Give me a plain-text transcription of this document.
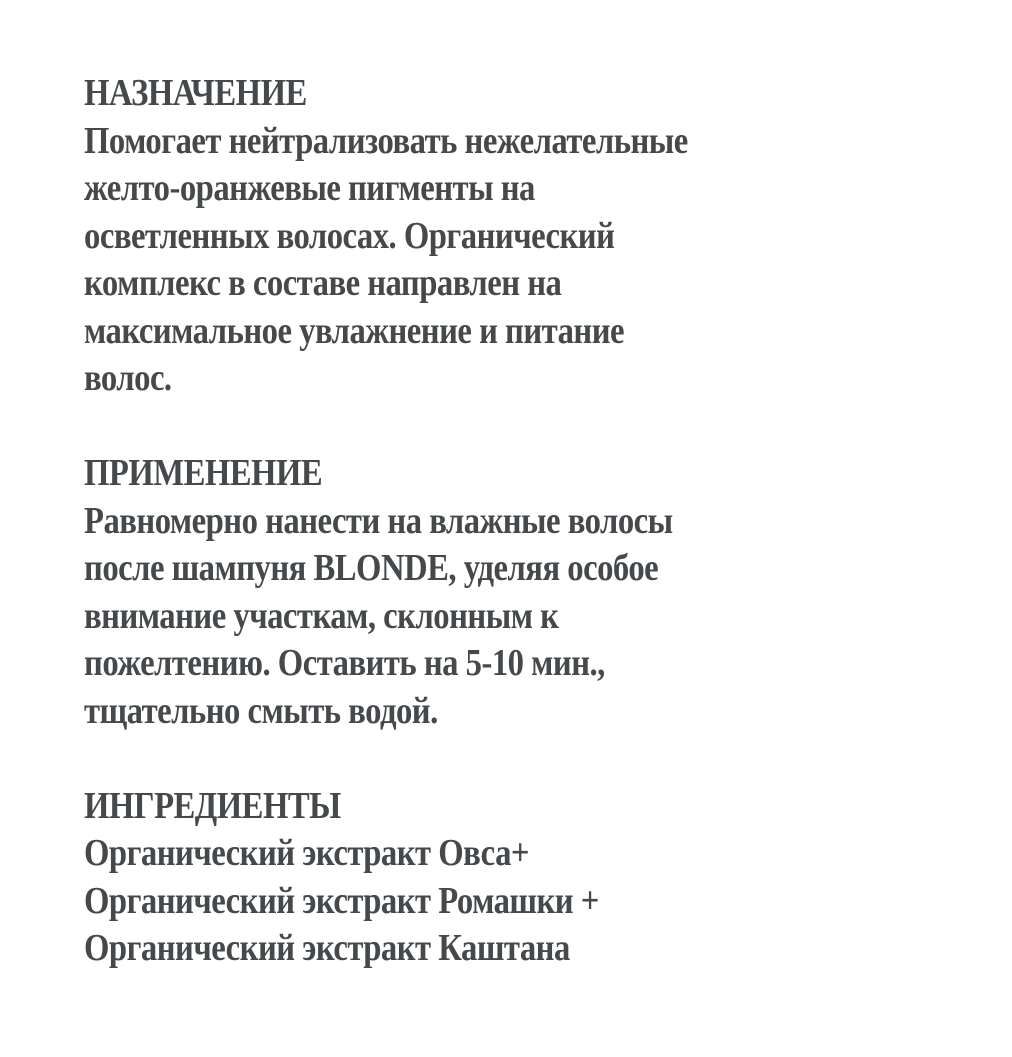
НАЗНАЧЕНИЕ
Помогает нейтрализовать нежелательные
желто-оранжевые пигменты на
осветленных волосах. Органический
комплекс в составе направлен на
максимальное увлажнение и питание
волос.
ПРИМЕНЕНИЕ
Равномерно нанести на влажные волосы
после шампуня BLONDE, уделяя особое
внимание участкам, склонным к
пожелтению. Оставить на 5-10 мин.,
тщательно смыть водой.
ИНГРЕДИЕНТЫ
Органический экстракт Овса+
Органический экстракт Ромашки +
Органический экстракт Каштана
